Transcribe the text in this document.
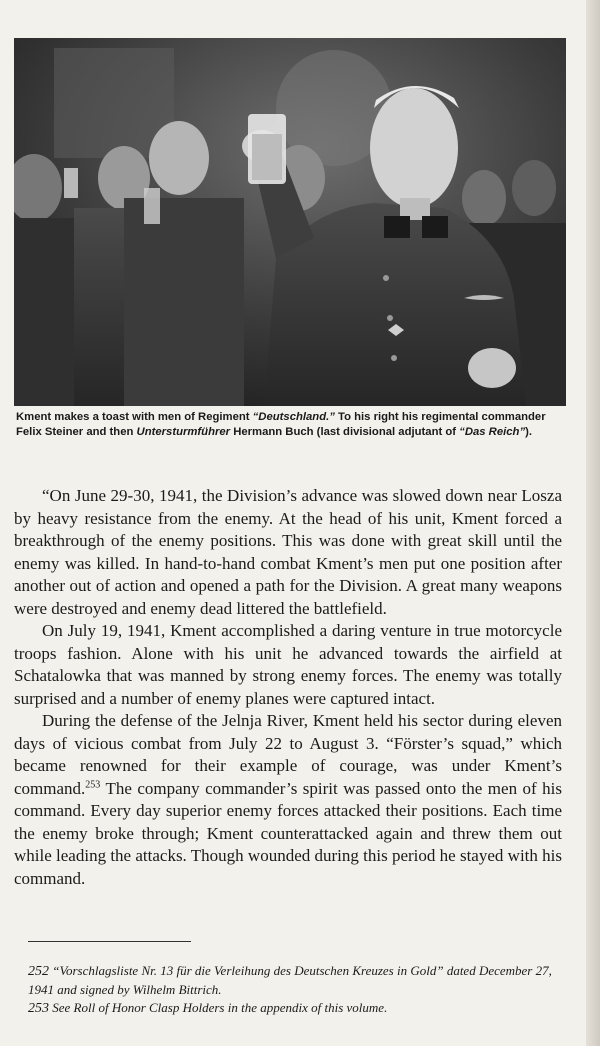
Kment makes a toast with men of Regiment “Deutschland.” To his right his regimental commander Felix Steiner and then Untersturmführer Hermann Buch (last divisional adjutant of “Das Reich”).

“On June 29-30, 1941, the Division’s advance was slowed down near Losza by heavy resistance from the enemy. At the head of his unit, Kment forced a breakthrough of the enemy positions. This was done with great skill until the enemy was killed. In hand-to-hand combat Kment’s men put one position after another out of action and opened a path for the Division. A great many weapons were destroyed and enemy dead littered the battlefield.

On July 19, 1941, Kment accomplished a daring venture in true motorcycle troops fashion. Alone with his unit he advanced towards the airfield at Schatalowka that was manned by strong enemy forces. The enemy was totally surprised and a number of enemy planes were captured intact.

During the defense of the Jelnja River, Kment held his sector during eleven days of vicious combat from July 22 to August 3. “Förster’s squad,” which became renowned for their example of courage, was under Kment’s command.$^{253}$ The company commander’s spirit was passed onto the men of his command. Every day superior enemy forces attacked their positions. Each time the enemy broke through; Kment counterattacked again and threw them out while leading the attacks. Though wounded during this period he stayed with his command.

252 “Vorschlagsliste Nr. 13 für die Verleihung des Deutschen Kreuzes in Gold” dated December 27, 1941 and signed by Wilhelm Bittrich.

253 See Roll of Honor Clasp Holders in the appendix of this volume.
